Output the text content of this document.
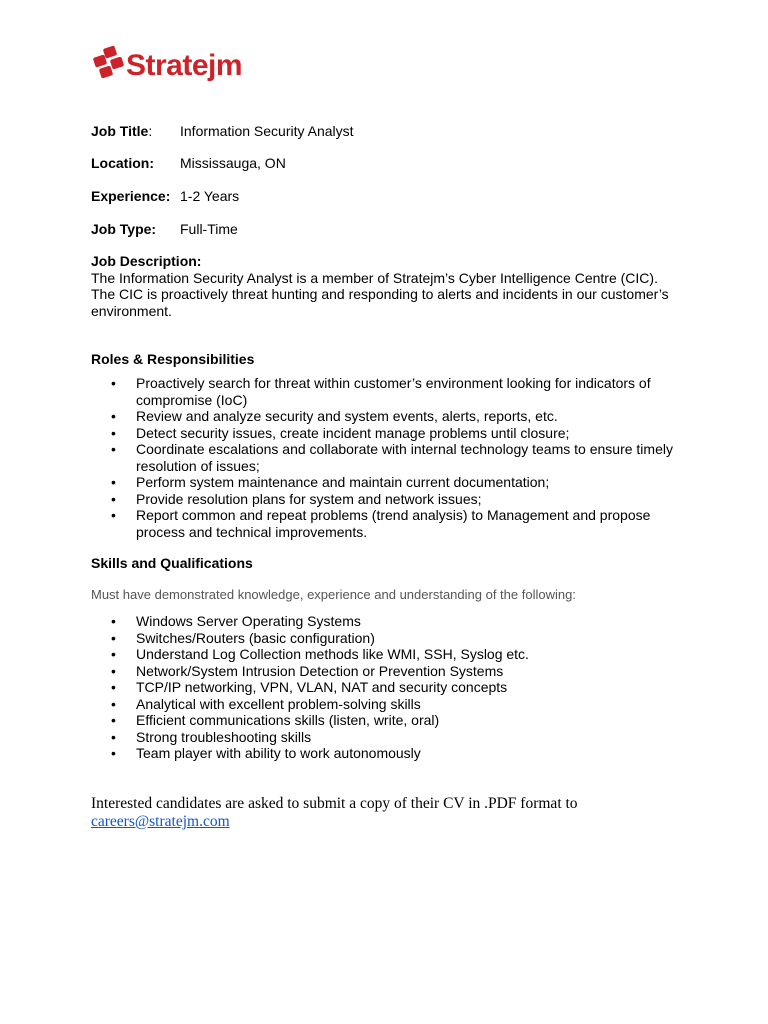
Stratejm
Job Title: Information Security Analyst
Location: Mississauga, ON
Experience: 1-2 Years
Job Type: Full-Time
Job Description:
The Information Security Analyst is a member of Stratejm’s Cyber Intelligence Centre (CIC). The CIC is proactively threat hunting and responding to alerts and incidents in our customer’s environment.
Roles & Responsibilities
• Proactively search for threat within customer’s environment looking for indicators of compromise (IoC)
• Review and analyze security and system events, alerts, reports, etc.
• Detect security issues, create incident manage problems until closure;
• Coordinate escalations and collaborate with internal technology teams to ensure timely resolution of issues;
• Perform system maintenance and maintain current documentation;
• Provide resolution plans for system and network issues;
• Report common and repeat problems (trend analysis) to Management and propose process and technical improvements.
Skills and Qualifications
Must have demonstrated knowledge, experience and understanding of the following:
• Windows Server Operating Systems
• Switches/Routers (basic configuration)
• Understand Log Collection methods like WMI, SSH, Syslog etc.
• Network/System Intrusion Detection or Prevention Systems
• TCP/IP networking, VPN, VLAN, NAT and security concepts
• Analytical with excellent problem-solving skills
• Efficient communications skills (listen, write, oral)
• Strong troubleshooting skills
• Team player with ability to work autonomously
Interested candidates are asked to submit a copy of their CV in .PDF format to
careers@stratejm.com
